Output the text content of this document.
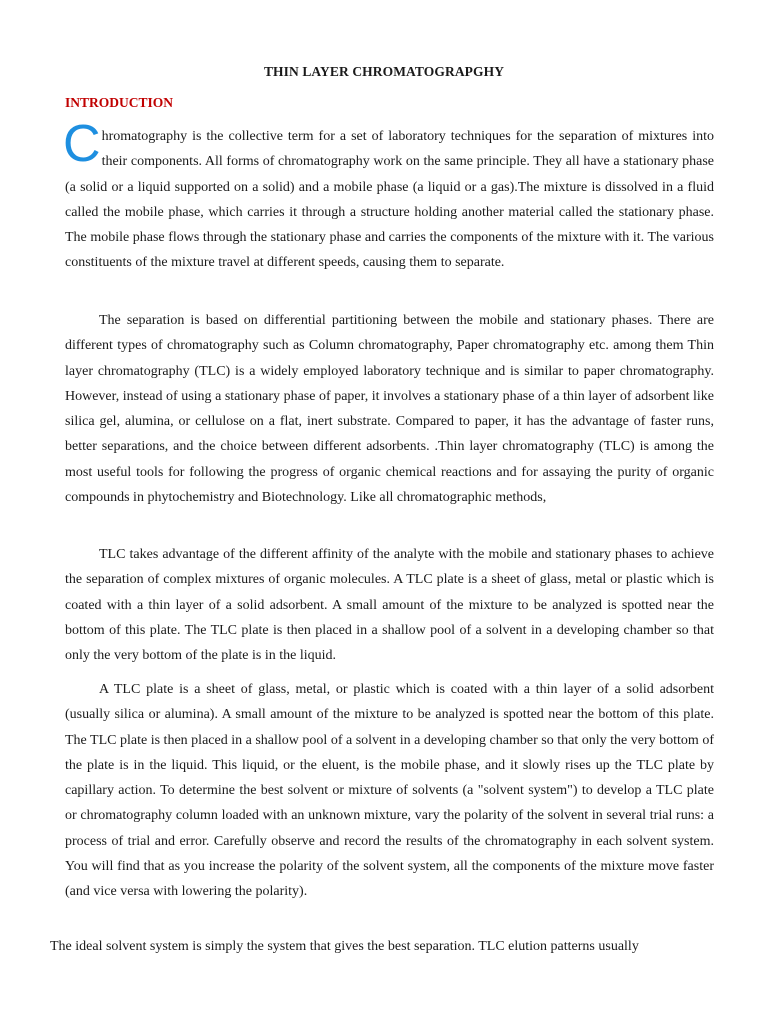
THIN LAYER CHROMATOGRAPGHY
INTRODUCTION

Chromatography is the collective term for a set of laboratory techniques for the separation of mixtures into their components. All forms of chromatography work on the same principle. They all have a stationary phase (a solid or a liquid supported on a solid) and a mobile phase (a liquid or a gas).The mixture is dissolved in a fluid called the mobile phase, which carries it through a structure holding another material called the stationary phase. The mobile phase flows through the stationary phase and carries the components of the mixture with it. The various constituents of the mixture travel at different speeds, causing them to separate.

The separation is based on differential partitioning between the mobile and stationary phases. There are different types of chromatography such as Column chromatography, Paper chromatography etc. among them Thin layer chromatography (TLC) is a widely employed laboratory technique and is similar to paper chromatography. However, instead of using a stationary phase of paper, it involves a stationary phase of a thin layer of adsorbent like silica gel, alumina, or cellulose on a flat, inert substrate. Compared to paper, it has the advantage of faster runs, better separations, and the choice between different adsorbents. .Thin layer chromatography (TLC) is among the most useful tools for following the progress of organic chemical reactions and for assaying the purity of organic compounds in phytochemistry and Biotechnology. Like all chromatographic methods,

TLC takes advantage of the different affinity of the analyte with the mobile and stationary phases to achieve the separation of complex mixtures of organic molecules. A TLC plate is a sheet of glass, metal or plastic which is coated with a thin layer of a solid adsorbent. A small amount of the mixture to be analyzed is spotted near the bottom of this plate. The TLC plate is then placed in a shallow pool of a solvent in a developing chamber so that only the very bottom of the plate is in the liquid.

A TLC plate is a sheet of glass, metal, or plastic which is coated with a thin layer of a solid adsorbent (usually silica or alumina). A small amount of the mixture to be analyzed is spotted near the bottom of this plate. The TLC plate is then placed in a shallow pool of a solvent in a developing chamber so that only the very bottom of the plate is in the liquid. This liquid, or the eluent, is the mobile phase, and it slowly rises up the TLC plate by capillary action. To determine the best solvent or mixture of solvents (a "solvent system") to develop a TLC plate or chromatography column loaded with an unknown mixture, vary the polarity of the solvent in several trial runs: a process of trial and error. Carefully observe and record the results of the chromatography in each solvent system. You will find that as you increase the polarity of the solvent system, all the components of the mixture move faster (and vice versa with lowering the polarity).

The ideal solvent system is simply the system that gives the best separation. TLC elution patterns usually
